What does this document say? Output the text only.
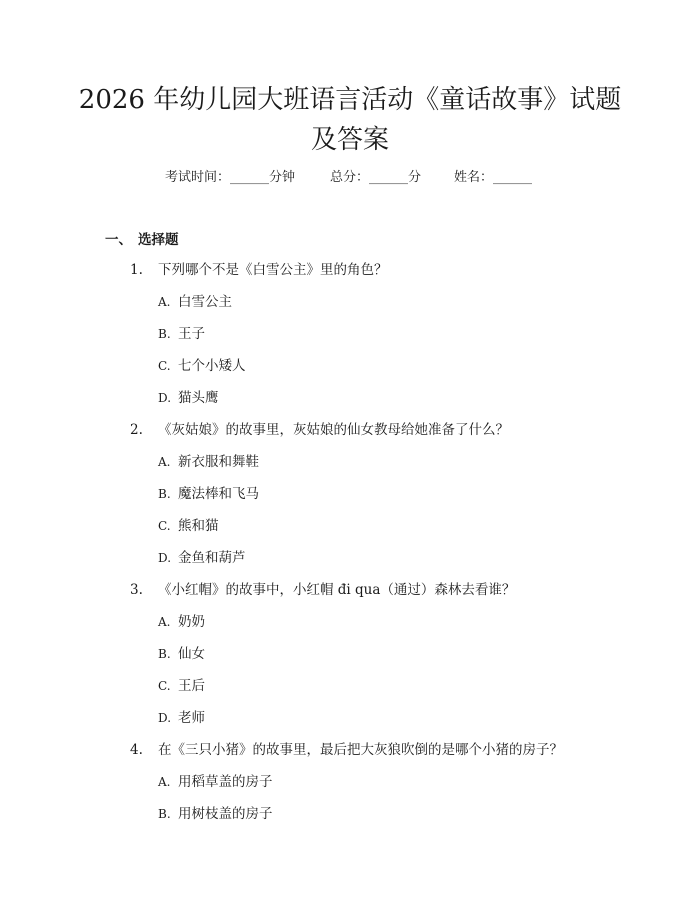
2026 年幼儿园大班语言活动《童话故事》试题及答案
考试时间：______分钟	总分：______分	姓名：______
一、 选择题
1. 下列哪个不是《白雪公主》里的角色？
A. 白雪公主
B. 王子
C. 七个小矮人
D. 猫头鹰
2. 《灰姑娘》的故事里，灰姑娘的仙女教母给她准备了什么？
A. 新衣服和舞鞋
B. 魔法棒和飞马
C. 熊和猫
D. 金鱼和葫芦
3. 《小红帽》的故事中，小红帽 đi qua（通过）森林去看谁？
A. 奶奶
B. 仙女
C. 王后
D. 老师
4. 在《三只小猪》的故事里，最后把大灰狼吹倒的是哪个小猪的房子？
A. 用稻草盖的房子
B. 用树枝盖的房子
